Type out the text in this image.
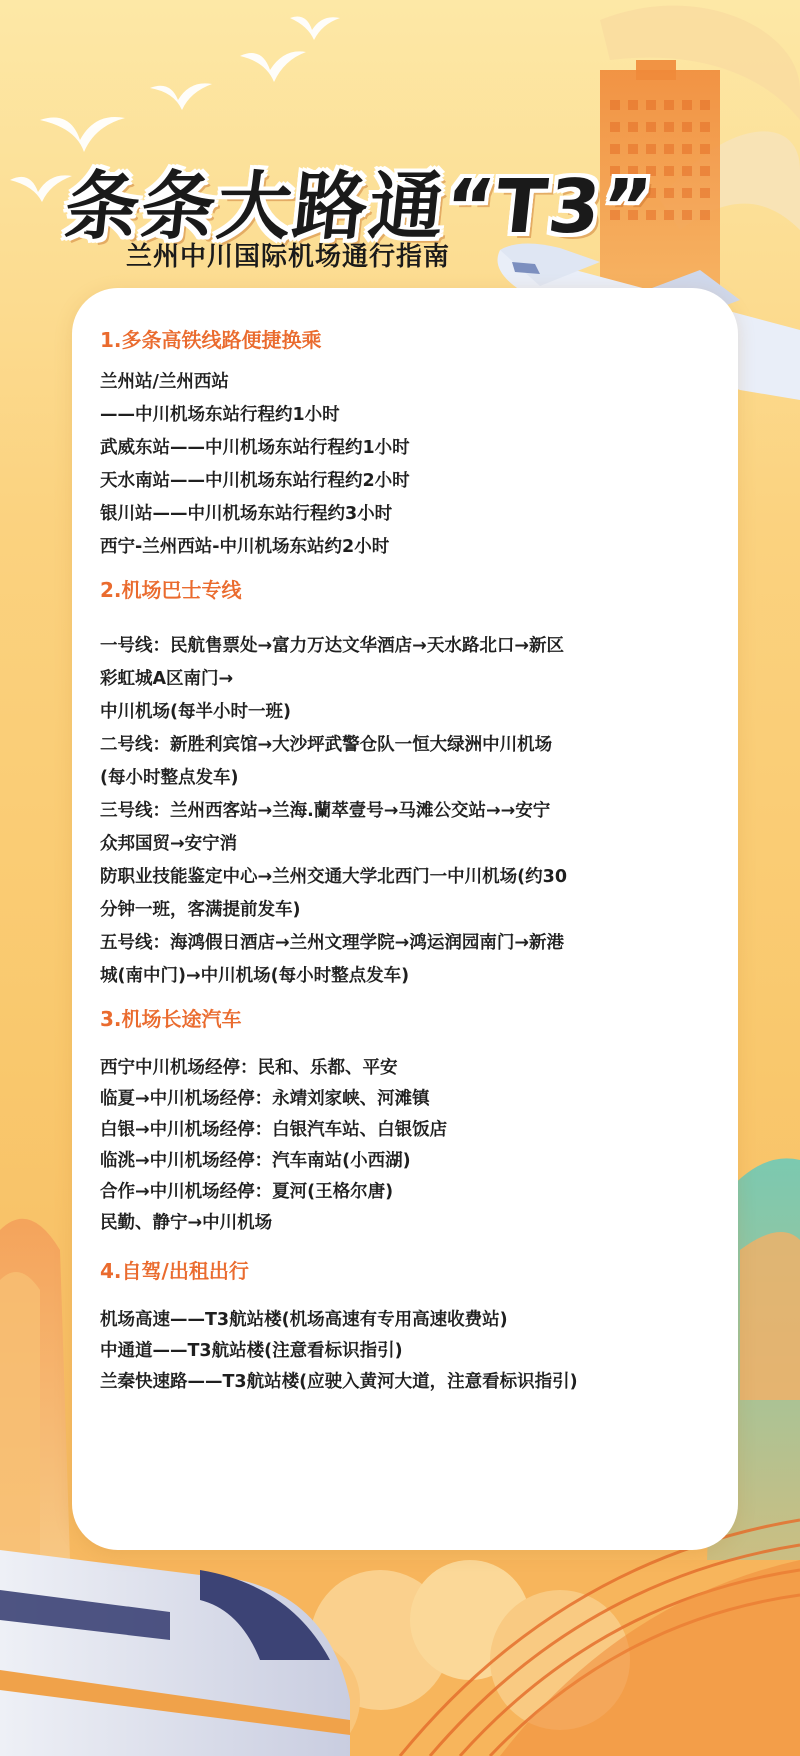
条条大路通“T3”
兰州中川国际机场通行指南

1.多条高铁线路便捷换乘

兰州站/兰州西站

——中川机场东站行程约1小时

武威东站——中川机场东站行程约1小时

天水南站——中川机场东站行程约2小时

银川站——中川机场东站行程约3小时

西宁-兰州西站-中川机场东站约2小时

2.机场巴士专线

一号线：民航售票处→富力万达文华酒店→天水路北口→新区

彩虹城A区南门→

中川机场(每半小时一班)

二号线：新胜利宾馆→大沙坪武警仓队一恒大绿洲中川机场

(每小时整点发车)

三号线：兰州西客站→兰海.蘭萃壹号→马滩公交站→→安宁

众邦国贸→安宁消

防职业技能鉴定中心→兰州交通大学北西门一中川机场(约30

分钟一班，客满提前发车)

五号线：海鸿假日酒店→兰州文理学院→鸿运润园南门→新港

城(南中门)→中川机场(每小时整点发车)

3.机场长途汽车

西宁中川机场经停：民和、乐都、平安

临夏→中川机场经停：永靖刘家峡、河滩镇

白银→中川机场经停：白银汽车站、白银饭店

临洮→中川机场经停：汽车南站(小西湖)

合作→中川机场经停：夏河(王格尔唐)

民勤、静宁→中川机场

4.自驾/出租出行

机场高速——T3航站楼(机场高速有专用高速收费站)

中通道——T3航站楼(注意看标识指引)

兰秦快速路——T3航站楼(应驶入黄河大道，注意看标识指引)
